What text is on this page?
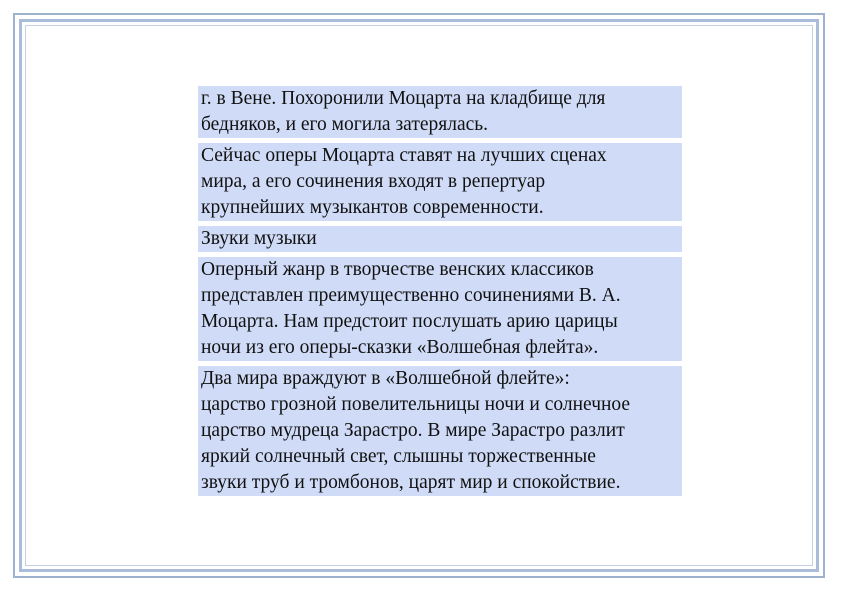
г. в Вене. Похоронили Моцарта на кладбище для
бедняков, и его могила затерялась.
Сейчас оперы Моцарта ставят на лучших сценах
мира, а его сочинения входят в репертуар
крупнейших музыкантов современности.
Звуки музыки
Оперный жанр в творчестве венских классиков
представлен преимущественно сочинениями В. А.
Моцарта. Нам предстоит послушать арию царицы
ночи из его оперы-сказки «Волшебная флейта».
Два мира враждуют в «Волшебной флейте»:
царство грозной повелительницы ночи и солнечное
царство мудреца Зарастро. В мире Зарастро разлит
яркий солнечный свет, слышны торжественные
звуки труб и тромбонов, царят мир и спокойствие.
